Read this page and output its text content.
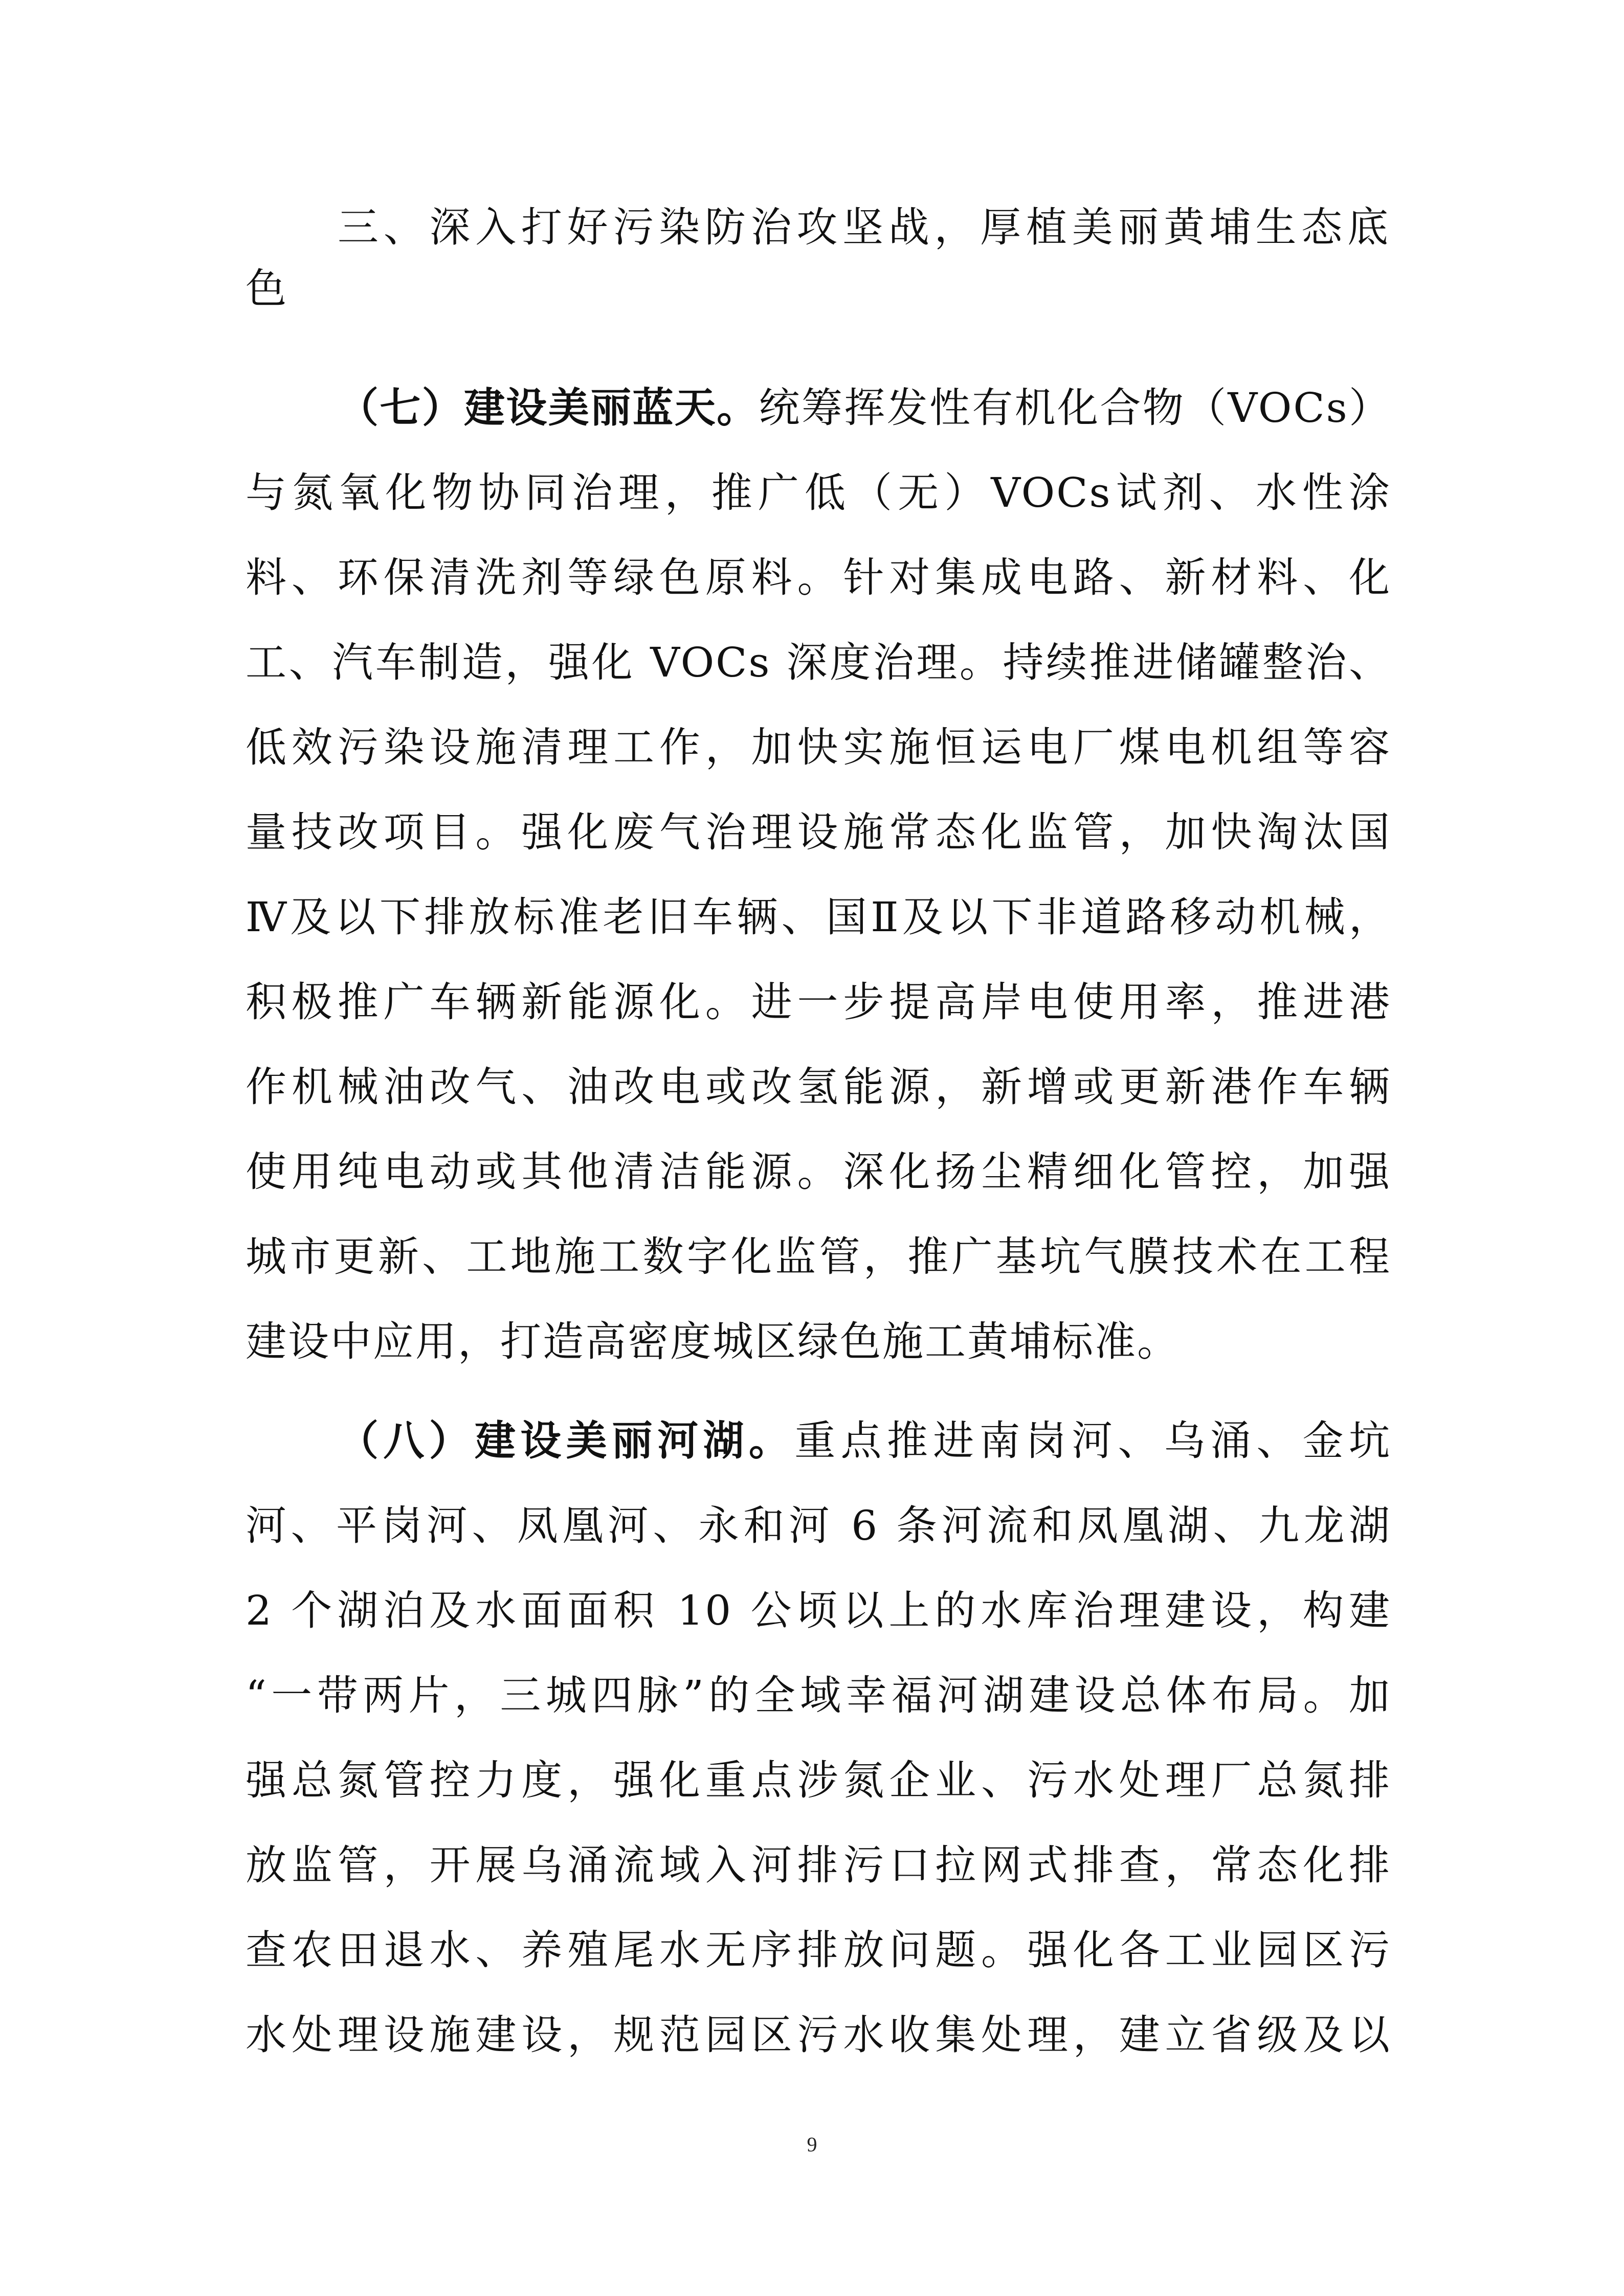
三、深入打好污染防治攻坚战，厚植美丽黄埔生态底
色
（七）建设美丽蓝天。统筹挥发性有机化合物（VOCs）
与氮氧化物协同治理，推广低（无）VOCs试剂、水性涂
料、环保清洗剂等绿色原料。针对集成电路、新材料、化
工、汽车制造，强化 VOCs 深度治理。持续推进储罐整治、
低效污染设施清理工作，加快实施恒运电厂煤电机组等容
量技改项目。强化废气治理设施常态化监管，加快淘汰国
Ⅳ及以下排放标准老旧车辆、国Ⅱ及以下非道路移动机械，
积极推广车辆新能源化。进一步提高岸电使用率，推进港
作机械油改气、油改电或改氢能源，新增或更新港作车辆
使用纯电动或其他清洁能源。深化扬尘精细化管控，加强
城市更新、工地施工数字化监管，推广基坑气膜技术在工程
建设中应用，打造高密度城区绿色施工黄埔标准。
（八）建设美丽河湖。重点推进南岗河、乌涌、金坑
河、平岗河、凤凰河、永和河 6 条河流和凤凰湖、九龙湖
2 个湖泊及水面面积 10 公顷以上的水库治理建设，构建
“一带两片，三城四脉”的全域幸福河湖建设总体布局。加
强总氮管控力度，强化重点涉氮企业、污水处理厂总氮排
放监管，开展乌涌流域入河排污口拉网式排查，常态化排
查农田退水、养殖尾水无序排放问题。强化各工业园区污
水处理设施建设，规范园区污水收集处理，建立省级及以
9
